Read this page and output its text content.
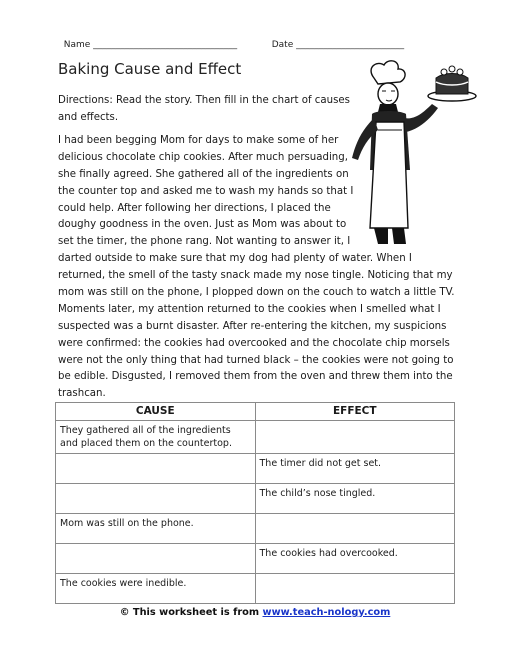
Name ________________________________	Date ________________________

Baking Cause and Effect
Directions: Read the story. Then fill in the chart of causes and effects.
I had been begging Mom for days to make some of her
delicious chocolate chip cookies. After much persuading,
she finally agreed. She gathered all of the ingredients on
the counter top and asked me to wash my hands so that I
could help. After following her directions, I placed the
doughy goodness in the oven. Just as Mom was about to
set the timer, the phone rang. Not wanting to answer it, I
darted outside to make sure that my dog had plenty of water. When I
returned, the smell of the tasty snack made my nose tingle. Noticing that my
mom was still on the phone, I plopped down on the couch to watch a little TV.
Moments later, my attention returned to the cookies when I smelled what I
suspected was a burnt disaster. After re-entering the kitchen, my suspicions
were confirmed: the cookies had overcooked and the chocolate chip morsels
were not the only thing that had turned black – the cookies were not going to
be edible. Disgusted, I removed them from the oven and threw them into the
trashcan.
CAUSE	EFFECT
They gathered all of the ingredients and placed them on the countertop.	
	The timer did not get set.
	The child’s nose tingled.
Mom was still on the phone.	
	The cookies had overcooked.
The cookies were inedible.	
© This worksheet is from www.teach-nology.com
